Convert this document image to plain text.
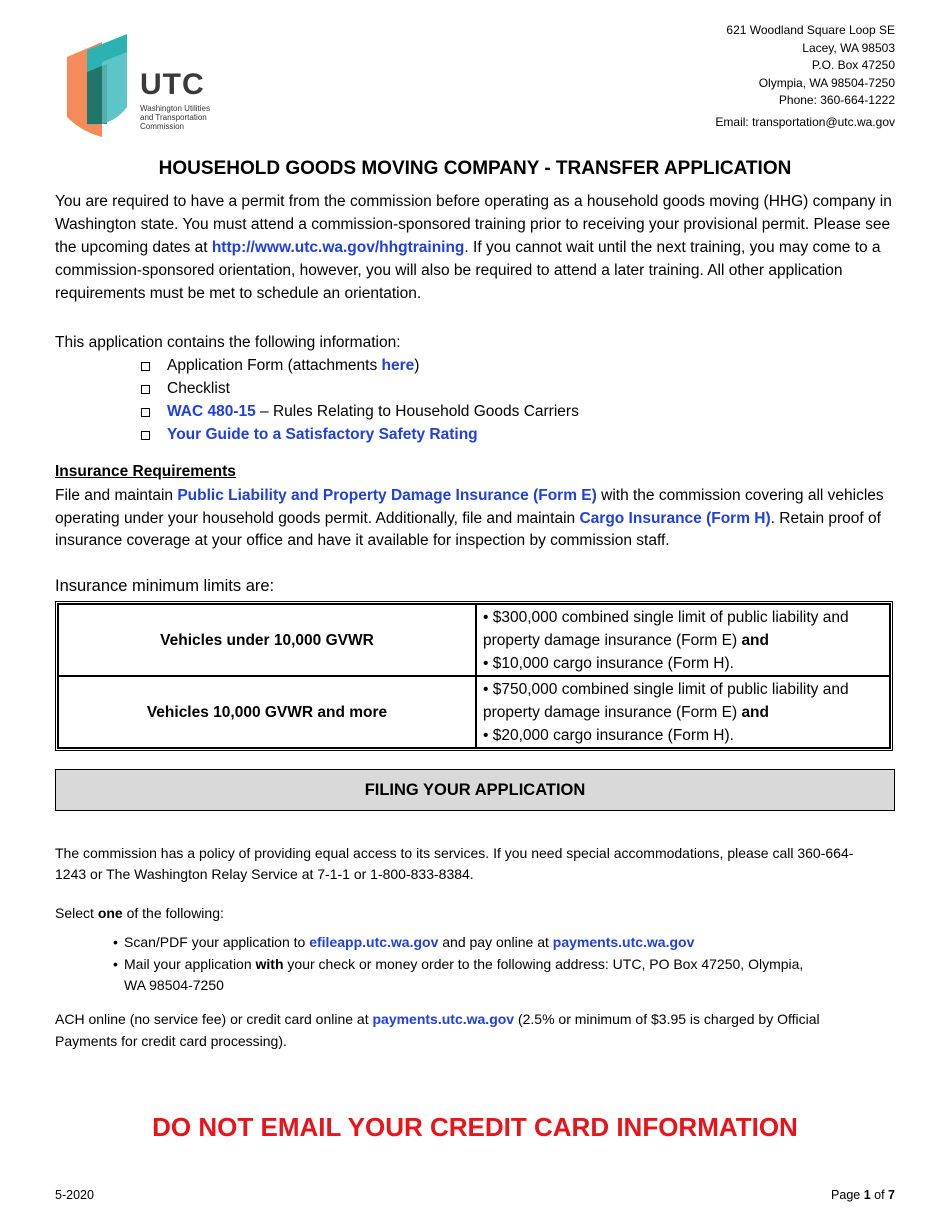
UTC
Washington Utilities
and Transportation
Commission
621 Woodland Square Loop SE
Lacey, WA 98503
P.O. Box 47250
Olympia, WA 98504-7250
Phone: 360-664-1222
Email: transportation@utc.wa.gov
HOUSEHOLD GOODS MOVING COMPANY - TRANSFER APPLICATION
You are required to have a permit from the commission before operating as a household goods moving (HHG) company in Washington state. You must attend a commission-sponsored training prior to receiving your provisional permit. Please see the upcoming dates at http://www.utc.wa.gov/hhgtraining. If you cannot wait until the next training, you may come to a commission-sponsored orientation, however, you will also be required to attend a later training. All other application requirements must be met to schedule an orientation.
This application contains the following information:
Application Form (attachments here)
Checklist
WAC 480-15 – Rules Relating to Household Goods Carriers
Your Guide to a Satisfactory Safety Rating
Insurance Requirements
File and maintain Public Liability and Property Damage Insurance (Form E) with the commission covering all vehicles operating under your household goods permit. Additionally, file and maintain Cargo Insurance (Form H). Retain proof of insurance coverage at your office and have it available for inspection by commission staff.
Insurance minimum limits are:
Vehicles under 10,000 GVWR	• $300,000 combined single limit of public liability and property damage insurance (Form E) and
• $10,000 cargo insurance (Form H).

Vehicles 10,000 GVWR and more	• $750,000 combined single limit of public liability and property damage insurance (Form E) and
• $20,000 cargo insurance (Form H).
FILING YOUR APPLICATION
The commission has a policy of providing equal access to its services. If you need special accommodations, please call 360-664-1243 or The Washington Relay Service at 7-1-1 or 1-800-833-8384.
Select one of the following:
• Scan/PDF your application to efileapp.utc.wa.gov and pay online at payments.utc.wa.gov
• Mail your application with your check or money order to the following address: UTC, PO Box 47250, Olympia, WA 98504-7250
ACH online (no service fee) or credit card online at payments.utc.wa.gov (2.5% or minimum of $3.95 is charged by Official Payments for credit card processing).
DO NOT EMAIL YOUR CREDIT CARD INFORMATION
5-2020	Page 1 of 7
